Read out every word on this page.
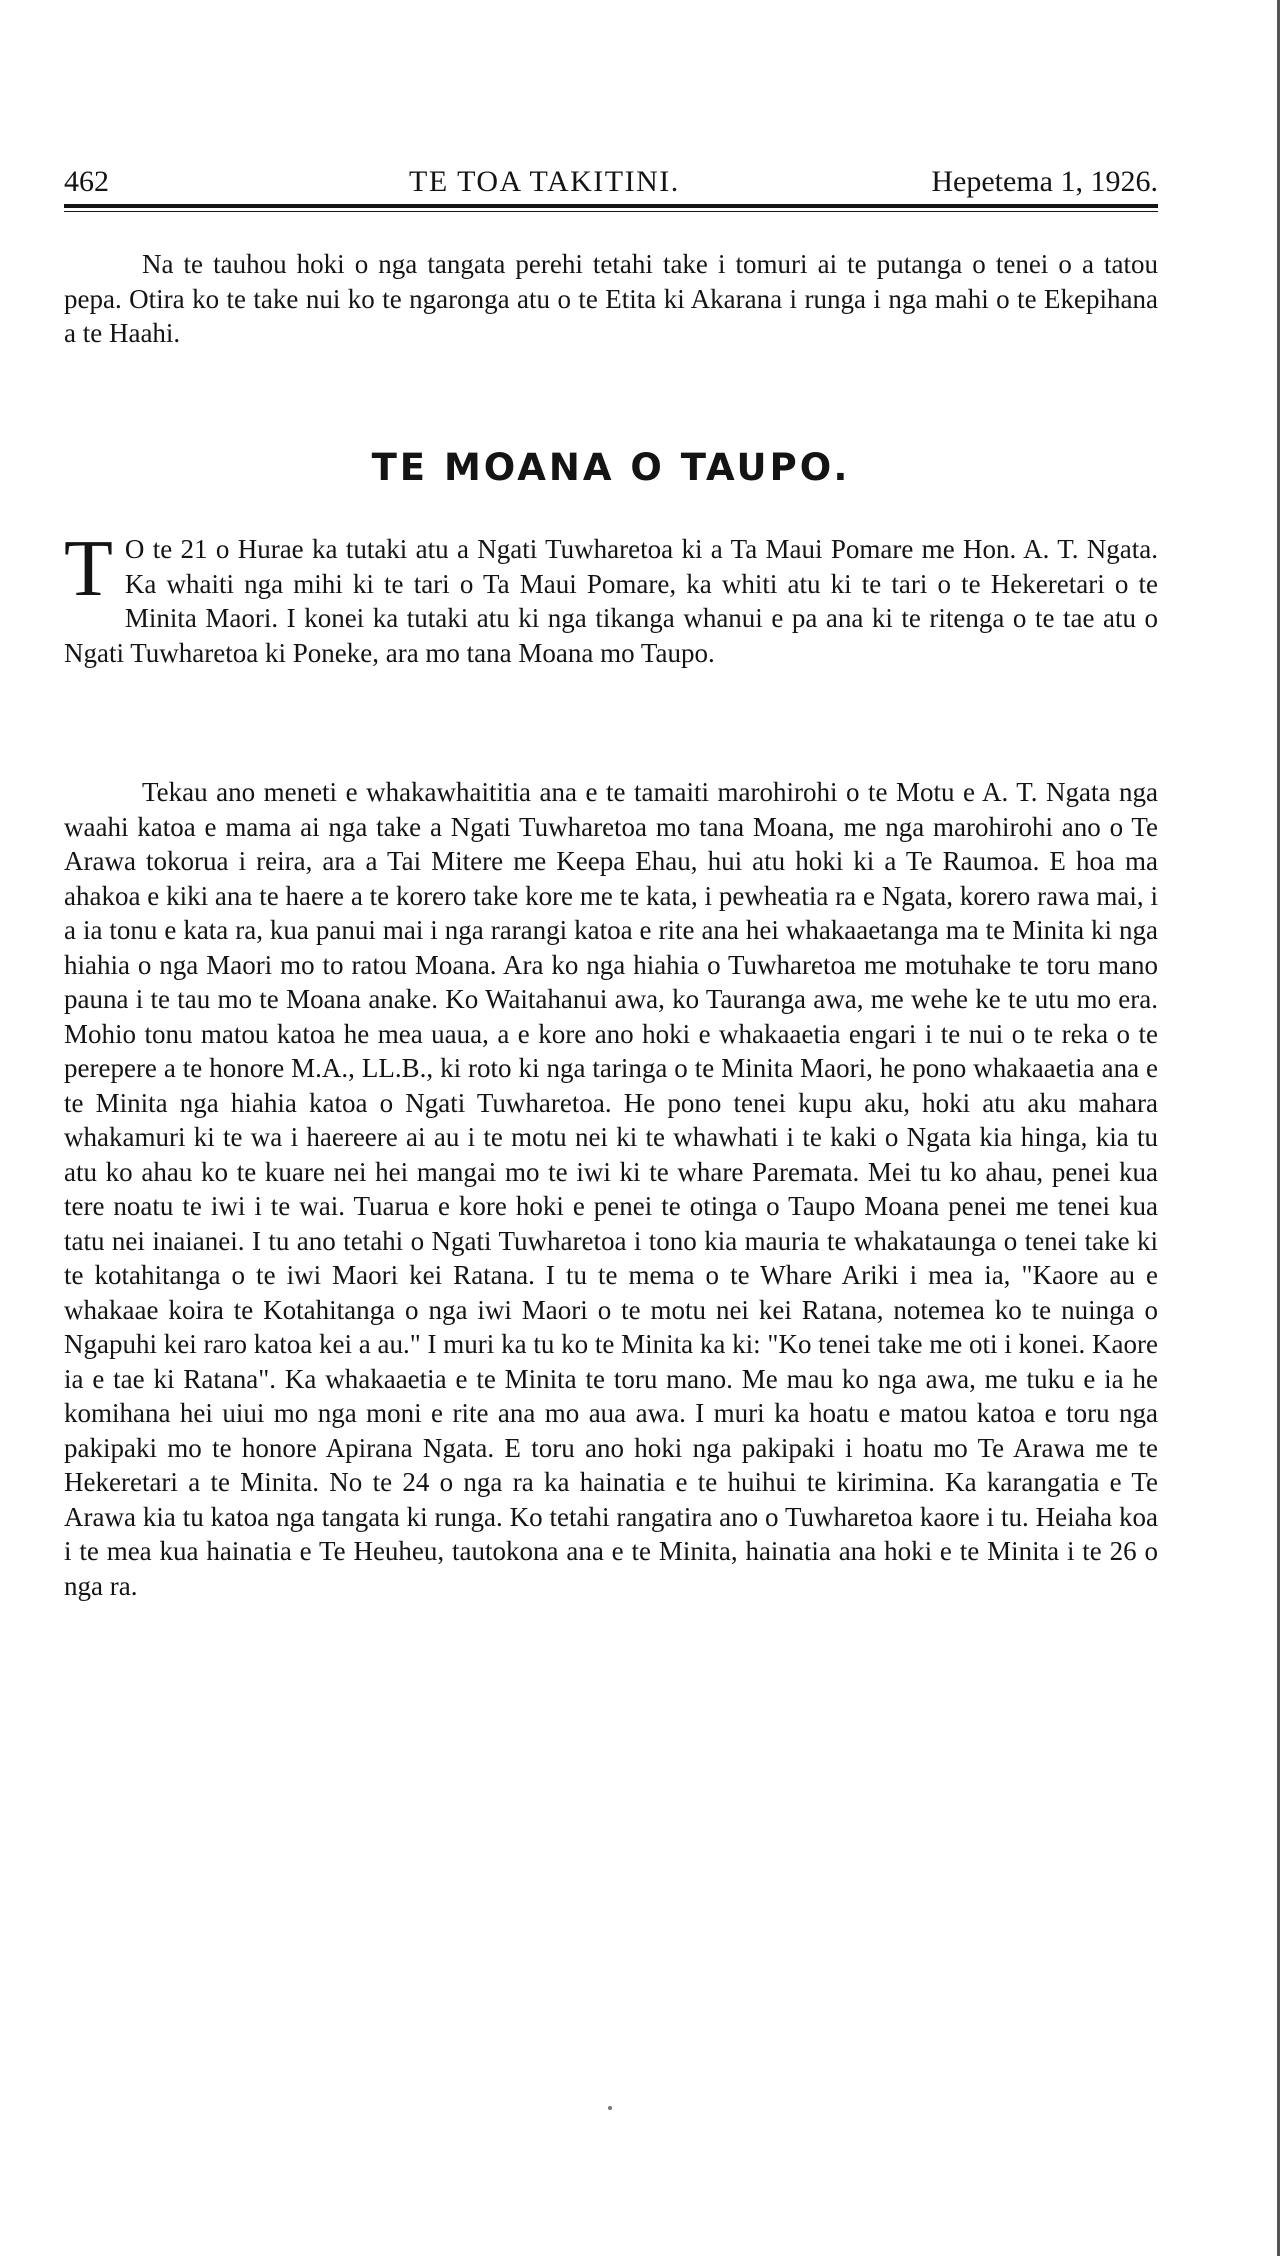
462	TE TOA TAKITINI.	Hepetema 1, 1926.

Na te tauhou hoki o nga tangata perehi tetahi take i tomuri ai te putanga o tenei o a tatou pepa. Otira ko te take nui ko te ngaronga atu o te Etita ki Akarana i runga i nga mahi o te Ekepihana a te Haahi.

TE MOANA O TAUPO.

T O te 21 o Hurae ka tutaki atu a Ngati Tuwharetoa ki a Ta Maui Pomare me Hon. A. T. Ngata. Ka whaiti nga mihi ki te tari o Ta Maui Pomare, ka whiti atu ki te tari o te Hekeretari o te Minita Maori. I konei ka tutaki atu ki nga tikanga whanui e pa ana ki te ritenga o te tae atu o Ngati Tuwharetoa ki Poneke, ara mo tana Moana mo Taupo.

Tekau ano meneti e whakawhaititia ana e te tamaiti marohirohi o te Motu e A. T. Ngata nga waahi katoa e mama ai nga take a Ngati Tuwharetoa mo tana Moana, me nga marohirohi ano o Te Arawa tokorua i reira, ara a Tai Mitere me Keepa Ehau, hui atu hoki ki a Te Raumoa. E hoa ma ahakoa e kiki ana te haere a te korero take kore me te kata, i pewheatia ra e Ngata, korero rawa mai, i a ia tonu e kata ra, kua panui mai i nga rarangi katoa e rite ana hei whakaaetanga ma te Minita ki nga hiahia o nga Maori mo to ratou Moana. Ara ko nga hiahia o Tuwharetoa me motuhake te toru mano pauna i te tau mo te Moana anake. Ko Waitahanui awa, ko Tauranga awa, me wehe ke te utu mo era. Mohio tonu matou katoa he mea uaua, a e kore ano hoki e whakaaetia engari i te nui o te reka o te perepere a te honore M.A., LL.B., ki roto ki nga taringa o te Minita Maori, he pono whakaaetia ana e te Minita nga hiahia katoa o Ngati Tuwharetoa. He pono tenei kupu aku, hoki atu aku mahara whakamuri ki te wa i haereere ai au i te motu nei ki te whawhati i te kaki o Ngata kia hinga, kia tu atu ko ahau ko te kuare nei hei mangai mo te iwi ki te whare Paremata. Mei tu ko ahau, penei kua tere noatu te iwi i te wai. Tuarua e kore hoki e penei te otinga o Taupo Moana penei me tenei kua tatu nei inaianei. I tu ano tetahi o Ngati Tuwharetoa i tono kia mauria te whakataunga o tenei take ki te kotahitanga o te iwi Maori kei Ratana. I tu te mema o te Whare Ariki i mea ia, "Kaore au e whakaae koira te Kotahitanga o nga iwi Maori o te motu nei kei Ratana, notemea ko te nuinga o Ngapuhi kei raro katoa kei a au." I muri ka tu ko te Minita ka ki: "Ko tenei take me oti i konei. Kaore ia e tae ki Ratana". Ka whakaaetia e te Minita te toru mano. Me mau ko nga awa, me tuku e ia he komihana hei uiui mo nga moni e rite ana mo aua awa. I muri ka hoatu e matou katoa e toru nga pakipaki mo te honore Apirana Ngata. E toru ano hoki nga pakipaki i hoatu mo Te Arawa me te Hekeretari a te Minita. No te 24 o nga ra ka hainatia e te huihui te kirimina. Ka karangatia e Te Arawa kia tu katoa nga tangata ki runga. Ko tetahi rangatira ano o Tuwharetoa kaore i tu. Heiaha koa i te mea kua hainatia e Te Heuheu, tautokona ana e te Minita, hainatia ana hoki e te Minita i te 26 o nga ra.
